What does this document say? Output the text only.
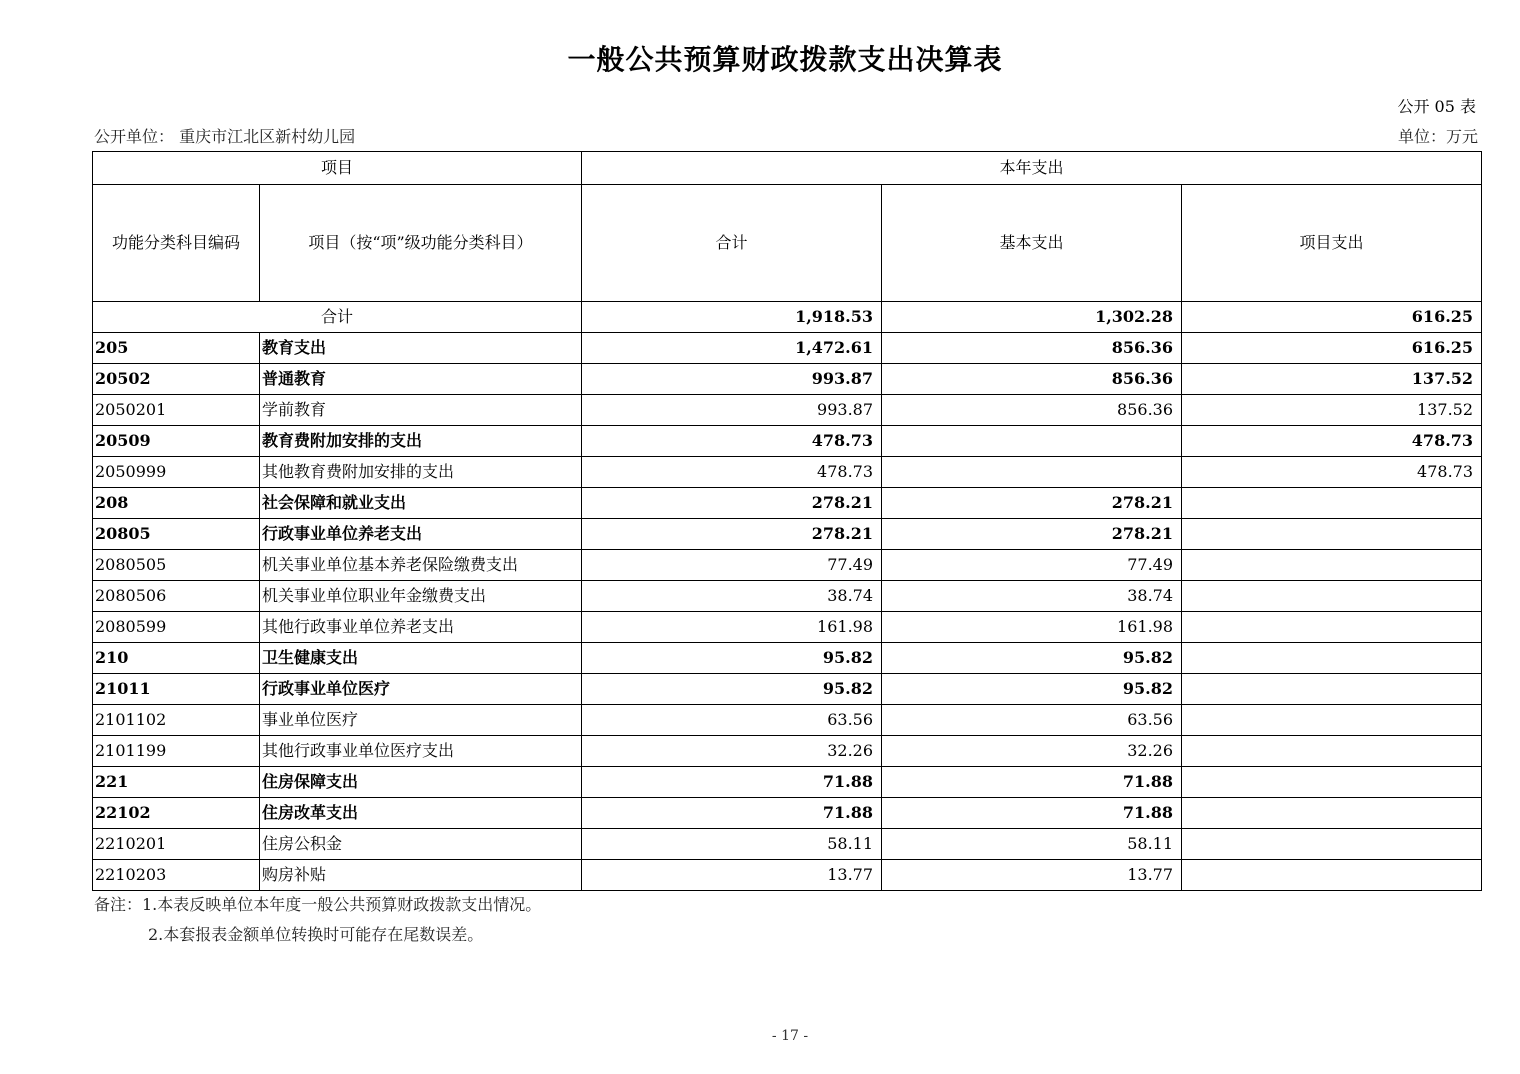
一般公共预算财政拨款支出决算表
公开 05 表
公开单位： 重庆市江北区新村幼儿园	单位：万元
项目		本年支出		
功能分类科目编码	项目（按“项”级功能分类科目）	合计	基本支出	项目支出
合计		1,918.53	1,302.28	616.25
205	教育支出	1,472.61	856.36	616.25
20502	普通教育	993.87	856.36	137.52
2050201	学前教育	993.87	856.36	137.52
20509	教育费附加安排的支出	478.73		478.73
2050999	其他教育费附加安排的支出	478.73		478.73
208	社会保障和就业支出	278.21	278.21	
20805	行政事业单位养老支出	278.21	278.21	
2080505	机关事业单位基本养老保险缴费支出	77.49	77.49	
2080506	机关事业单位职业年金缴费支出	38.74	38.74	
2080599	其他行政事业单位养老支出	161.98	161.98	
210	卫生健康支出	95.82	95.82	
21011	行政事业单位医疗	95.82	95.82	
2101102	事业单位医疗	63.56	63.56	
2101199	其他行政事业单位医疗支出	32.26	32.26	
221	住房保障支出	71.88	71.88	
22102	住房改革支出	71.88	71.88	
2210201	住房公积金	58.11	58.11	
2210203	购房补贴	13.77	13.77	
备注：1.本表反映单位本年度一般公共预算财政拨款支出情况。
2.本套报表金额单位转换时可能存在尾数误差。
- 17 -
